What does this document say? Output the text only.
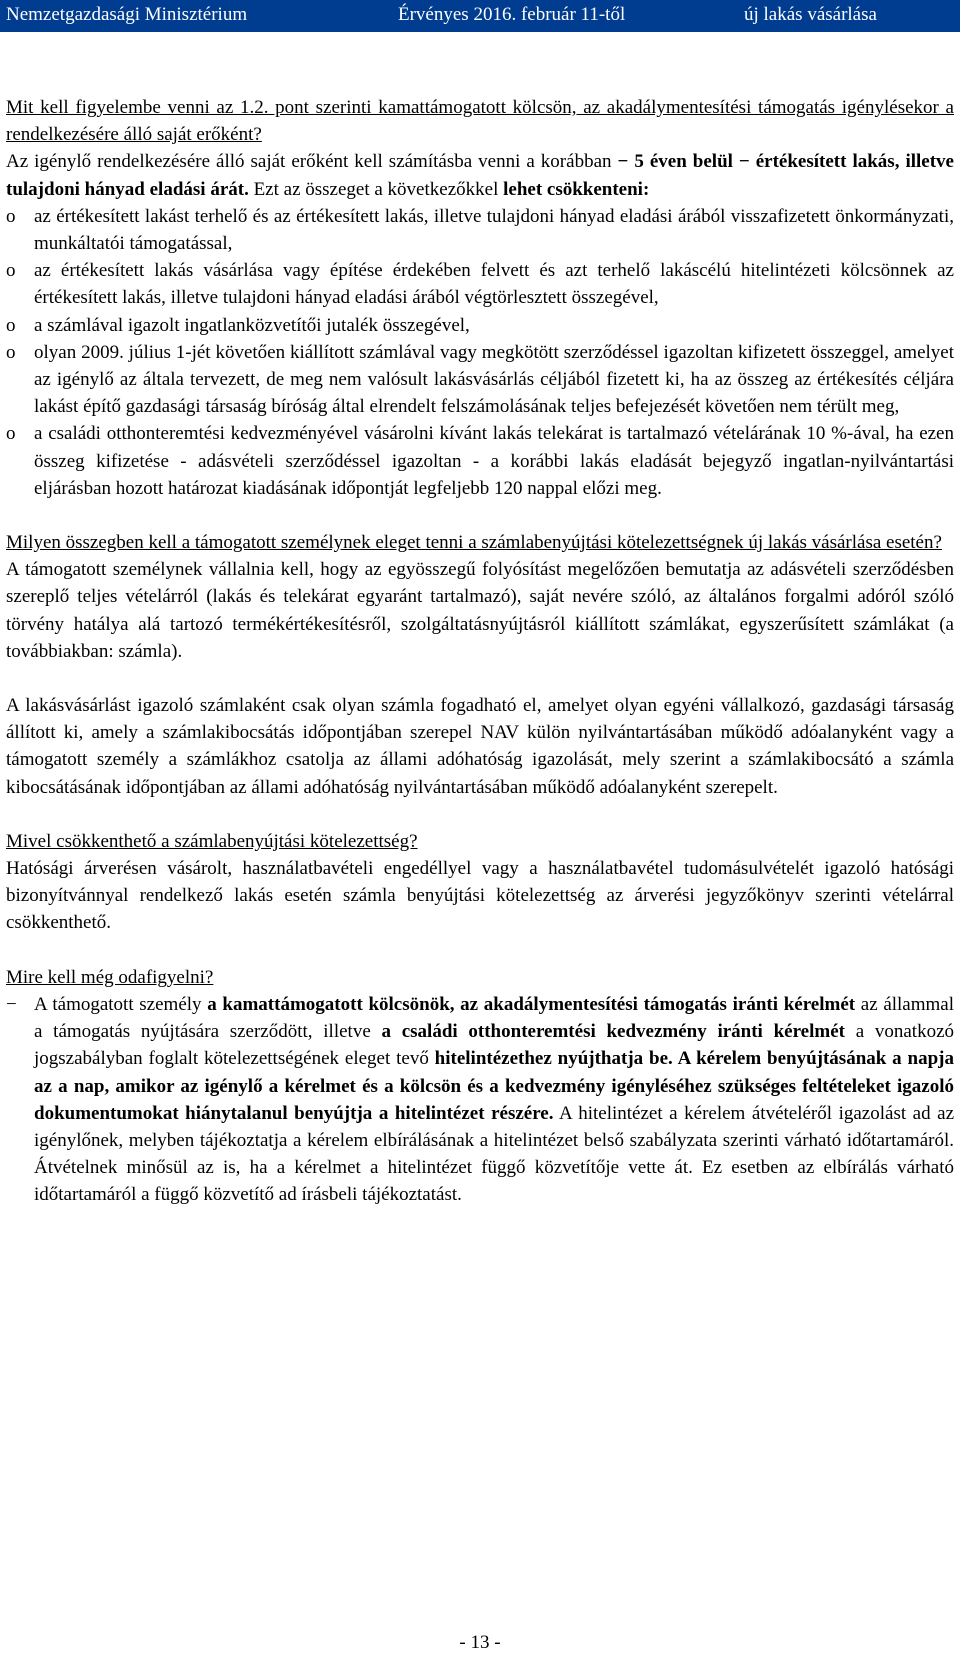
Nemzetgazdasági Minisztérium	Érvényes 2016. február 11-től	új lakás vásárlása

Mit kell figyelembe venni az 1.2. pont szerinti kamattámogatott kölcsön, az akadálymentesítési támogatás igénylésekor a rendelkezésére álló saját erőként?

Az igénylő rendelkezésére álló saját erőként kell számításba venni a korábban − 5 éven belül − értékesített lakás, illetve tulajdoni hányad eladási árát. Ezt az összeget a következőkkel lehet csökkenteni:

o az értékesített lakást terhelő és az értékesített lakás, illetve tulajdoni hányad eladási árából visszafizetett önkormányzati, munkáltatói támogatással,
o az értékesített lakás vásárlása vagy építése érdekében felvett és azt terhelő lakáscélú hitelintézeti kölcsönnek az értékesített lakás, illetve tulajdoni hányad eladási árából végtörlesztett összegével,
o a számlával igazolt ingatlanközvetítői jutalék összegével,
o olyan 2009. július 1-jét követően kiállított számlával vagy megkötött szerződéssel igazoltan kifizetett összeggel, amelyet az igénylő az általa tervezett, de meg nem valósult lakásvásárlás céljából fizetett ki, ha az összeg az értékesítés céljára lakást építő gazdasági társaság bíróság által elrendelt felszámolásának teljes befejezését követően nem térült meg,
o a családi otthonteremtési kedvezményével vásárolni kívánt lakás telekárat is tartalmazó vételárának 10 %-ával, ha ezen összeg kifizetése - adásvételi szerződéssel igazoltan - a korábbi lakás eladását bejegyző ingatlan-nyilvántartási eljárásban hozott határozat kiadásának időpontját legfeljebb 120 nappal előzi meg.

Milyen összegben kell a támogatott személynek eleget tenni a számlabenyújtási kötelezettségnek új lakás vásárlása esetén?

A támogatott személynek vállalnia kell, hogy az egyösszegű folyósítást megelőzően bemutatja az adásvételi szerződésben szereplő teljes vételárról (lakás és telekárat egyaránt tartalmazó), saját nevére szóló, az általános forgalmi adóról szóló törvény hatálya alá tartozó termékértékesítésről, szolgáltatásnyújtásról kiállított számlákat, egyszerűsített számlákat (a továbbiakban: számla).

A lakásvásárlást igazoló számlaként csak olyan számla fogadható el, amelyet olyan egyéni vállalkozó, gazdasági társaság állított ki, amely a számlakibocsátás időpontjában szerepel NAV külön nyilvántartásában működő adóalanyként vagy a támogatott személy a számlákhoz csatolja az állami adóhatóság igazolását, mely szerint a számlakibocsátó a számla kibocsátásának időpontjában az állami adóhatóság nyilvántartásában működő adóalanyként szerepelt.

Mivel csökkenthető a számlabenyújtási kötelezettség?

Hatósági árverésen vásárolt, használatbavételi engedéllyel vagy a használatbavétel tudomásulvételét igazoló hatósági bizonyítvánnyal rendelkező lakás esetén számla benyújtási kötelezettség az árverési jegyzőkönyv szerinti vételárral csökkenthető.

Mire kell még odafigyelni?

− A támogatott személy a kamattámogatott kölcsönök, az akadálymentesítési támogatás iránti kérelmét az állammal a támogatás nyújtására szerződött, illetve a családi otthonteremtési kedvezmény iránti kérelmét a vonatkozó jogszabályban foglalt kötelezettségének eleget tevő hitelintézethez nyújthatja be. A kérelem benyújtásának a napja az a nap, amikor az igénylő a kérelmet és a kölcsön és a kedvezmény igényléséhez szükséges feltételeket igazoló dokumentumokat hiánytalanul benyújtja a hitelintézet részére. A hitelintézet a kérelem átvételéről igazolást ad az igénylőnek, melyben tájékoztatja a kérelem elbírálásának a hitelintézet belső szabályzata szerinti várható időtartamáról. Átvételnek minősül az is, ha a kérelmet a hitelintézet függő közvetítője vette át. Ez esetben az elbírálás várható időtartamáról a függő közvetítő ad írásbeli tájékoztatást.
- 13 -
